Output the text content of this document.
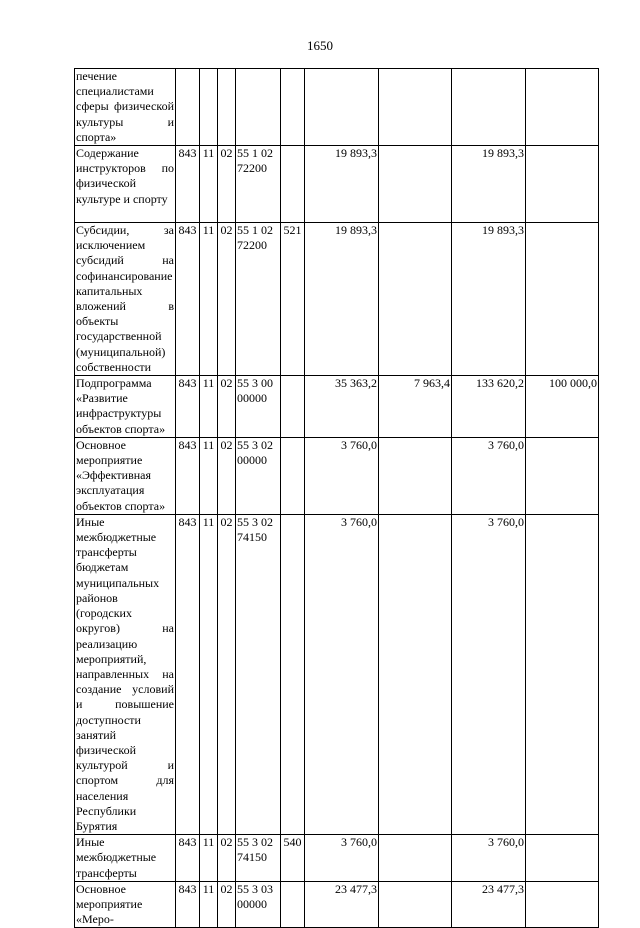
1650
печение специалистами сферы физической культуры и спорта»									
Содержание инструкторов по физической культуре и спорту	843	11	02	55 1 02 72200		19 893,3		19 893,3	
Субсидии, за исключением субсидий на софинансирование капитальных вложений в объекты государственной (муниципальной) собственности	843	11	02	55 1 02 72200	521	19 893,3		19 893,3	
Подпрограмма «Развитие инфраструктуры объектов спорта»	843	11	02	55 3 00 00000		35 363,2	7 963,4	133 620,2	100 000,0
Основное мероприятие «Эффективная эксплуатация объектов спорта»	843	11	02	55 3 02 00000		3 760,0		3 760,0	
Иные межбюджетные трансферты бюджетам муниципальных районов (городских округов) на реализацию мероприятий, направленных на создание условий и повышение доступности занятий физической культурой и спортом для населения Республики Бурятия	843	11	02	55 3 02 74150		3 760,0		3 760,0	
Иные межбюджетные трансферты	843	11	02	55 3 02 74150	540	3 760,0		3 760,0	
Основное мероприятие «Меро-	843	11	02	55 3 03 00000		23 477,3		23 477,3	
